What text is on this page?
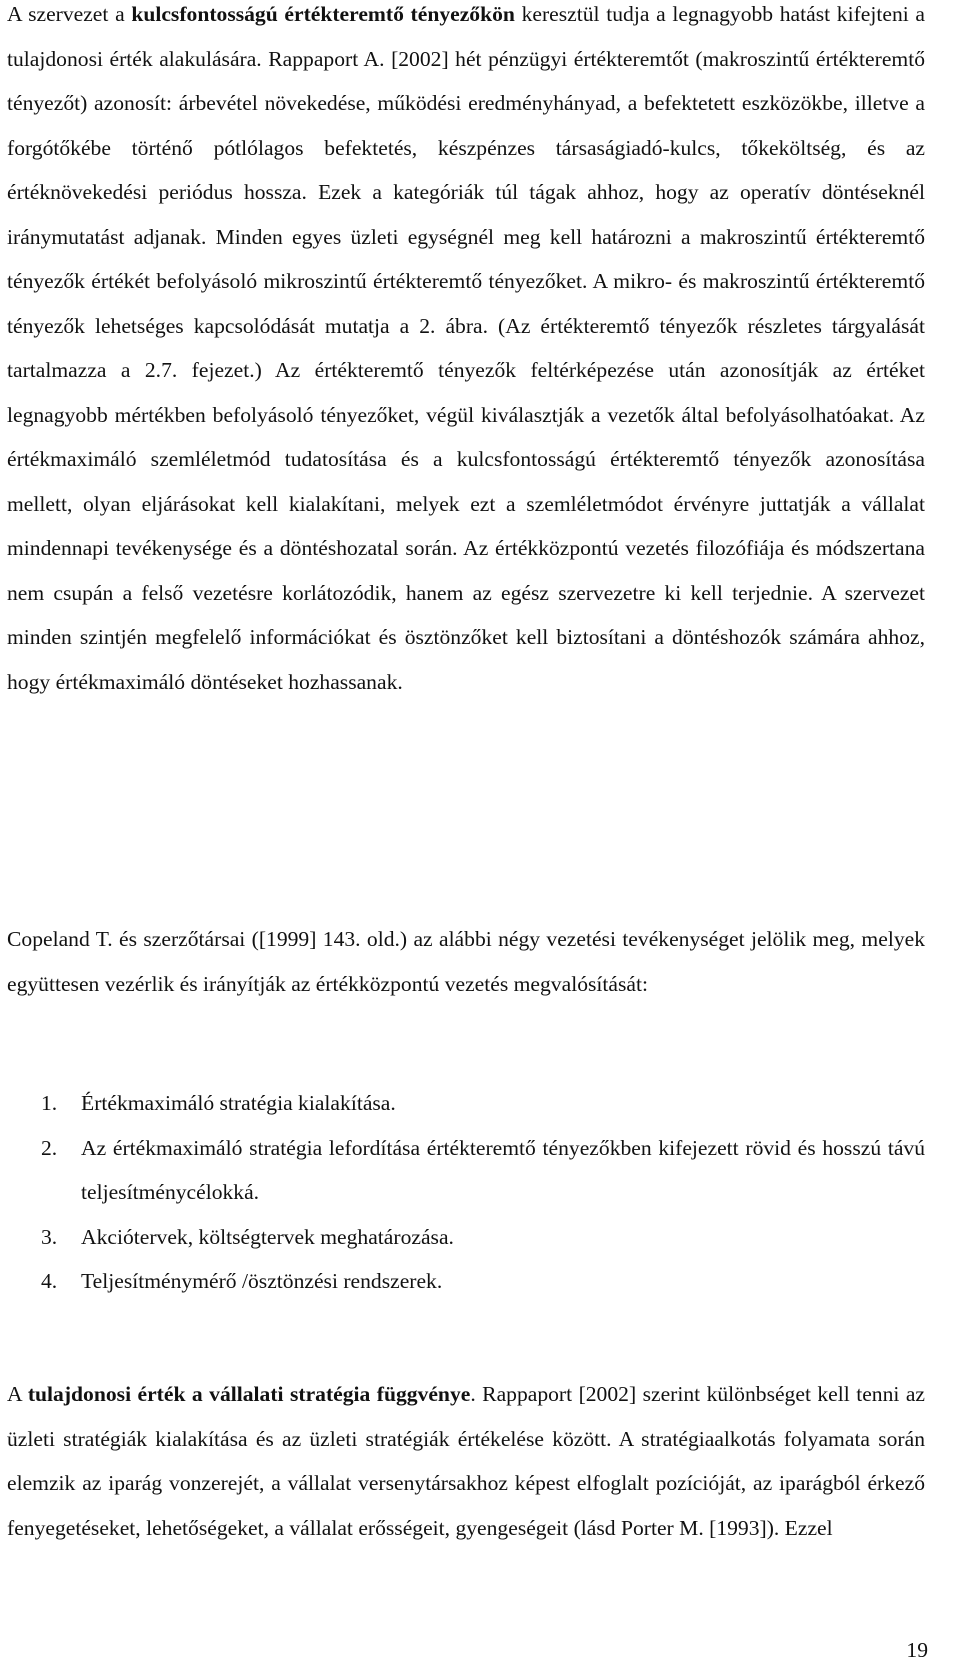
A szervezet a kulcsfontosságú értékteremtő tényezőkön keresztül tudja a legnagyobb hatást kifejteni a tulajdonosi érték alakulására. Rappaport A. [2002] hét pénzügyi értékteremtőt (makroszintű értékteremtő tényezőt) azonosít: árbevétel növekedése, működési eredményhányad, a befektetett eszközökbe, illetve a forgótőkébe történő pótlólagos befektetés, készpénzes társaságiadó-kulcs, tőkeköltség, és az értéknövekedési periódus hossza. Ezek a kategóriák túl tágak ahhoz, hogy az operatív döntéseknél iránymutatást adjanak. Minden egyes üzleti egységnél meg kell határozni a makroszintű értékteremtő tényezők értékét befolyásoló mikroszintű értékteremtő tényezőket. A mikro- és makroszintű értékteremtő tényezők lehetséges kapcsolódását mutatja a 2. ábra. (Az értékteremtő tényezők részletes tárgyalását tartalmazza a 2.7. fejezet.) Az értékteremtő tényezők feltérképezése után azonosítják az értéket legnagyobb mértékben befolyásoló tényezőket, végül kiválasztják a vezetők által befolyásolhatóakat. Az értékmaximáló szemléletmód tudatosítása és a kulcsfontosságú értékteremtő tényezők azonosítása mellett, olyan eljárásokat kell kialakítani, melyek ezt a szemléletmódot érvényre juttatják a vállalat mindennapi tevékenysége és a döntéshozatal során. Az értékközpontú vezetés filozófiája és módszertana nem csupán a felső vezetésre korlátozódik, hanem az egész szervezetre ki kell terjednie. A szervezet minden szintjén megfelelő információkat és ösztönzőket kell biztosítani a döntéshozók számára ahhoz, hogy értékmaximáló döntéseket hozhassanak.

Copeland T. és szerzőtársai ([1999] 143. old.) az alábbi négy vezetési tevékenységet jelölik meg, melyek együttesen vezérlik és irányítják az értékközpontú vezetés megvalósítását:

1. Értékmaximáló stratégia kialakítása.
2. Az értékmaximáló stratégia lefordítása értékteremtő tényezőkben kifejezett rövid és hosszú távú teljesítménycélokká.
3. Akciótervek, költségtervek meghatározása.
4. Teljesítménymérő /ösztönzési rendszerek.

A tulajdonosi érték a vállalati stratégia függvénye. Rappaport [2002] szerint különbséget kell tenni az üzleti stratégiák kialakítása és az üzleti stratégiák értékelése között. A stratégiaalkotás folyamata során elemzik az iparág vonzerejét, a vállalat versenytársakhoz képest elfoglalt pozícióját, az iparágból érkező fenyegetéseket, lehetőségeket, a vállalat erősségeit, gyengeségeit (lásd Porter M. [1993]). Ezzel

19
